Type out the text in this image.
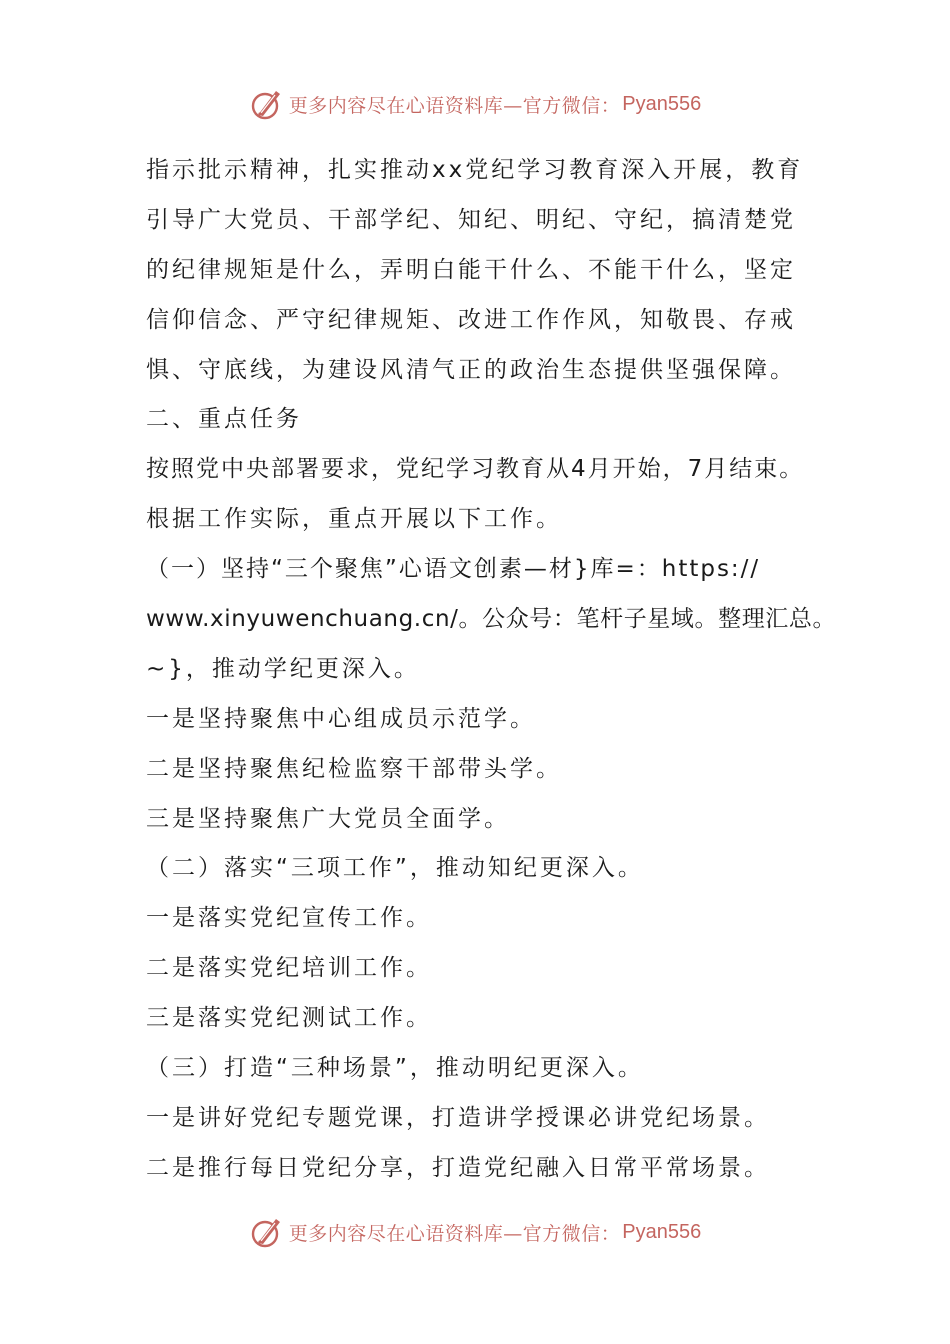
更多内容尽在心语资料库—官方微信： Pyan556
指示批示精神，扎实推动xx党纪学习教育深入开展，教育
引导广大党员、干部学纪、知纪、明纪、守纪，搞清楚党
的纪律规矩是什么，弄明白能干什么、不能干什么，坚定
信仰信念、严守纪律规矩、改进工作作风，知敬畏、存戒
惧、守底线，为建设风清气正的政治生态提供坚强保障。
二、重点任务
按照党中央部署要求，党纪学习教育从4月开始，7月结束。
根据工作实际，重点开展以下工作。
（一）坚持“三个聚焦”心语文创素—材}库=：https://
www.xinyuwenchuang.cn/。公众号：笔杆子星域。整理汇总。
~}，推动学纪更深入。
一是坚持聚焦中心组成员示范学。
二是坚持聚焦纪检监察干部带头学。
三是坚持聚焦广大党员全面学。
（二）落实“三项工作”，推动知纪更深入。
一是落实党纪宣传工作。
二是落实党纪培训工作。
三是落实党纪测试工作。
（三）打造“三种场景”，推动明纪更深入。
一是讲好党纪专题党课，打造讲学授课必讲党纪场景。
二是推行每日党纪分享，打造党纪融入日常平常场景。
更多内容尽在心语资料库—官方微信： Pyan556
